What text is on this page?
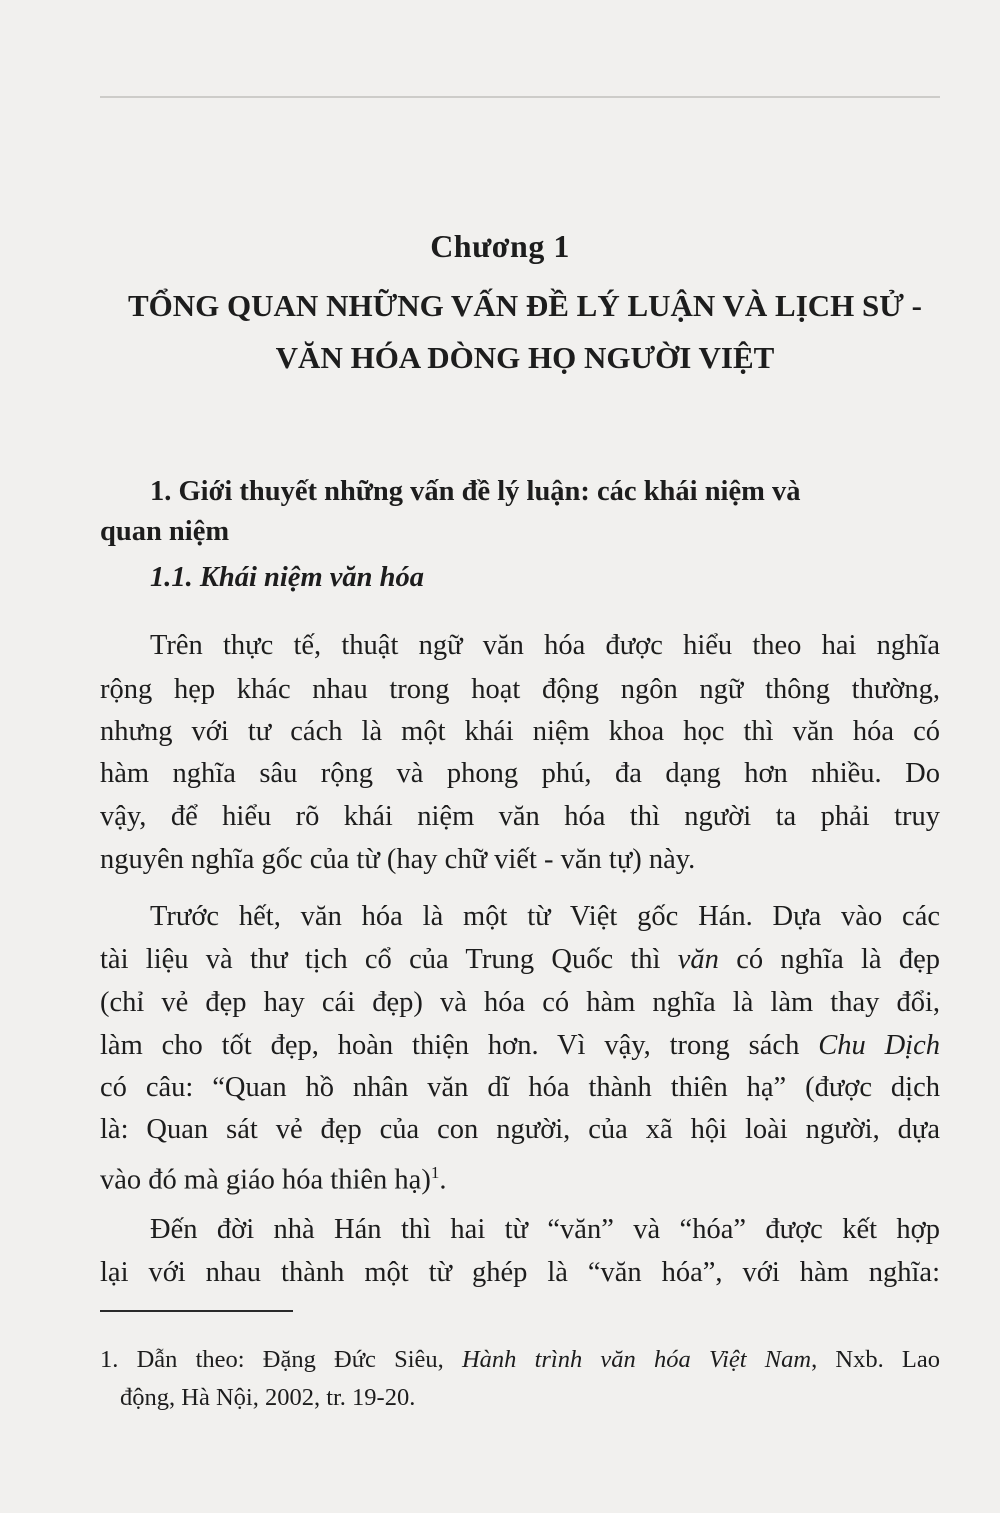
Chương 1
TỔNG QUAN NHỮNG VẤN ĐỀ LÝ LUẬN VÀ LỊCH SỬ -
VĂN HÓA DÒNG HỌ NGƯỜI VIỆT
1. Giới thuyết những vấn đề lý luận: các khái niệm và
quan niệm
1.1. Khái niệm văn hóa
Trên thực tế, thuật ngữ văn hóa được hiểu theo hai nghĩa
rộng hẹp khác nhau trong hoạt động ngôn ngữ thông thường,
nhưng với tư cách là một khái niệm khoa học thì văn hóa có
hàm nghĩa sâu rộng và phong phú, đa dạng hơn nhiều. Do
vậy, để hiểu rõ khái niệm văn hóa thì người ta phải truy
nguyên nghĩa gốc của từ (hay chữ viết - văn tự) này.
Trước hết, văn hóa là một từ Việt gốc Hán. Dựa vào các
tài liệu và thư tịch cổ của Trung Quốc thì văn có nghĩa là đẹp
(chỉ vẻ đẹp hay cái đẹp) và hóa có hàm nghĩa là làm thay đổi,
làm cho tốt đẹp, hoàn thiện hơn. Vì vậy, trong sách Chu Dịch
có câu: “Quan hồ nhân văn dĩ hóa thành thiên hạ” (được dịch
là: Quan sát vẻ đẹp của con người, của xã hội loài người, dựa
vào đó mà giáo hóa thiên hạ)$^1$.
Đến đời nhà Hán thì hai từ “văn” và “hóa” được kết hợp
lại với nhau thành một từ ghép là “văn hóa”, với hàm nghĩa:
1. Dẫn theo: Đặng Đức Siêu, Hành trình văn hóa Việt Nam, Nxb. Lao
động, Hà Nội, 2002, tr. 19-20.
